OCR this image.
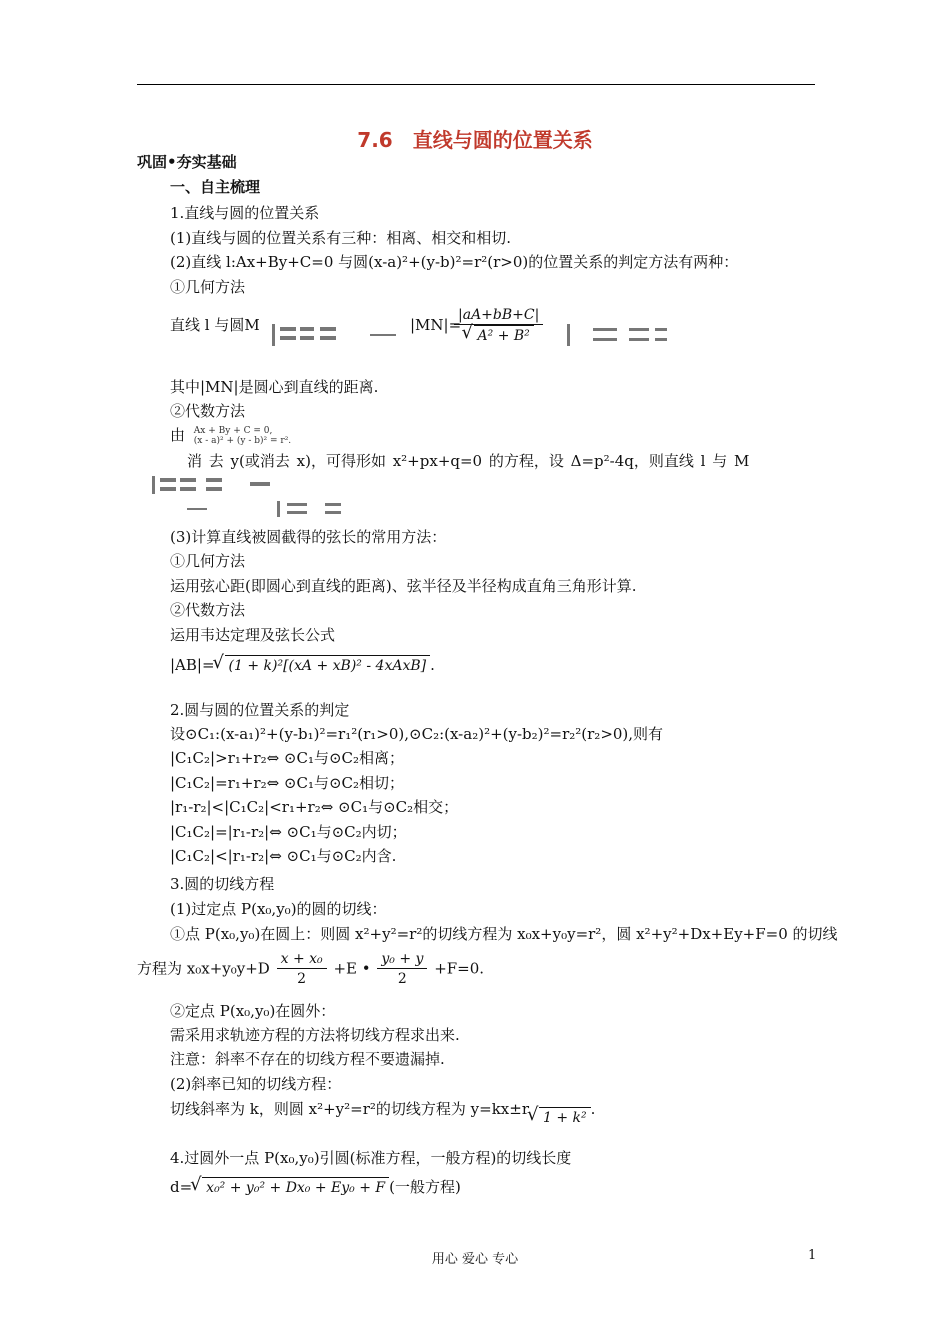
7.6　直线与圆的位置关系
巩固•夯实基础
一、自主梳理
1.直线与圆的位置关系
(1)直线与圆的位置关系有三种：相离、相交和相切.
(2)直线 l:Ax+By+C=0 与圆(x-a)²+(y-b)²=r²(r>0)的位置关系的判定方法有两种：
①几何方法
直线 l 与圆M	|MN|=
|aA+bB+C|
√ A² + B²
其中|MN|是圆心到直线的距离.
②代数方法
由 Ax + By + C = 0,
(x - a)² + (y - b)² = r².
消 去 y(或消去 x)，可得形如 x²+px+q=0 的方程，设 Δ=p²-4q，则直线 l 与 M
(3)计算直线被圆截得的弦长的常用方法：
①几何方法
运用弦心距(即圆心到直线的距离)、弦半径及半径构成直角三角形计算.
②代数方法
运用韦达定理及弦长公式
|AB|= √ (1 + k)²[(xA + xB)² - 4xAxB] .
2.圆与圆的位置关系的判定
设⊙C₁:(x-a₁)²+(y-b₁)²=r₁²(r₁>0),⊙C₂:(x-a₂)²+(y-b₂)²=r₂²(r₂>0),则有
|C₁C₂|>r₁+r₂⇔ ⊙C₁与⊙C₂相离；
|C₁C₂|=r₁+r₂⇔ ⊙C₁与⊙C₂相切；
|r₁-r₂|<|C₁C₂|<r₁+r₂⇔ ⊙C₁与⊙C₂相交；
|C₁C₂|=|r₁-r₂|⇔ ⊙C₁与⊙C₂内切；
|C₁C₂|<|r₁-r₂|⇔ ⊙C₁与⊙C₂内含.
3.圆的切线方程
(1)过定点 P(x₀,y₀)的圆的切线：
①点 P(x₀,y₀)在圆上：则圆 x²+y²=r²的切线方程为 x₀x+y₀y=r²，圆 x²+y²+Dx+Ey+F=0 的切线
方程为 $x_0x+y_0y+D \frac{\text{x + x₀}}{2} +E$ • $\frac{\text{y₀ + y}}{2} +F=0$.
②定点 P(x₀,y₀)在圆外：
需采用求轨迹方程的方法将切线方程求出来.
注意：斜率不存在的切线方程不要遗漏掉.
(2)斜率已知的切线方程：
切线斜率为 k，则圆 x²+y²=r²的切线方程为 y=kx±r √ 1 + k² .
4.过圆外一点 P(x₀,y₀)引圆(标准方程，一般方程)的切线长度
d= √ x₀² + y₀² + Dx₀ + Ey₀ + F (一般方程)
用心 爱心 专心	1
